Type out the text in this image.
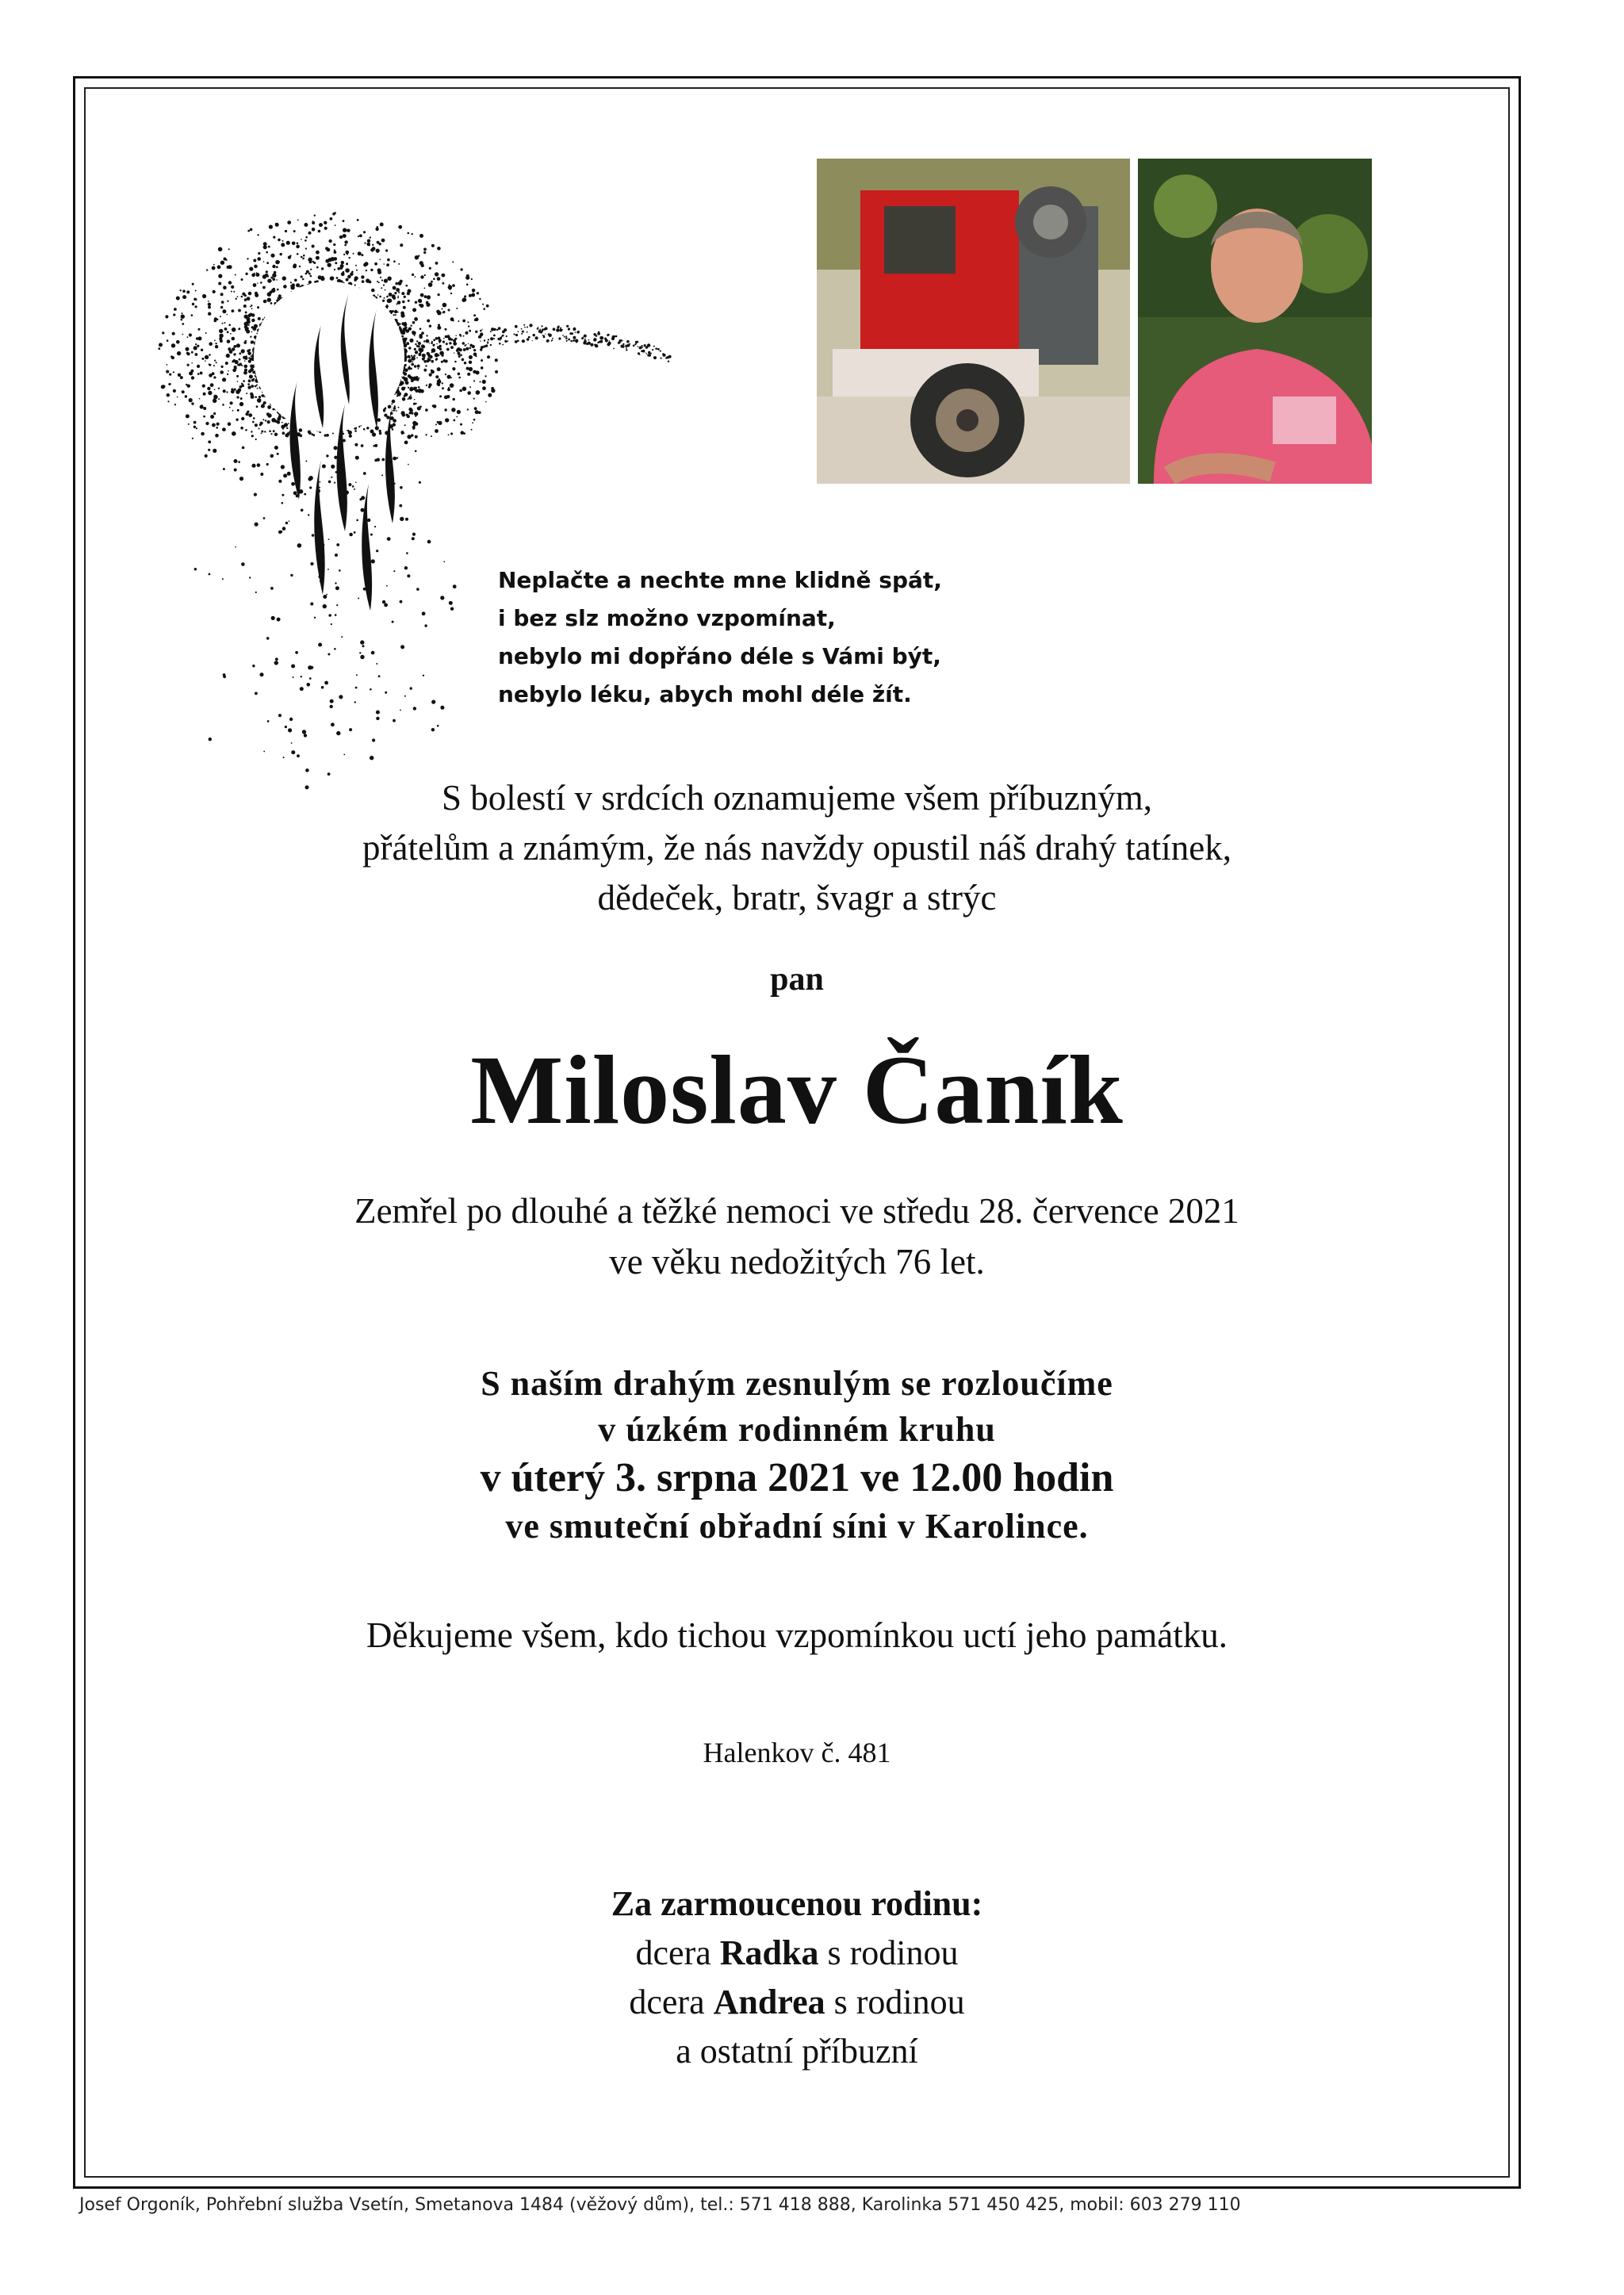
Neplačte a nechte mne klidně spát,
i bez slz možno vzpomínat,
nebylo mi dopřáno déle s Vámi být,
nebylo léku, abych mohl déle žít.
S bolestí v srdcích oznamujeme všem příbuzným,
přátelům a známým, že nás navždy opustil náš drahý tatínek,
dědeček, bratr, švagr a strýc
pan
Miloslav Čaník
Zemřel po dlouhé a těžké nemoci ve středu 28. července 2021
ve věku nedožitých 76 let.
S naším drahým zesnulým se rozloučíme
v úzkém rodinném kruhu
v úterý 3. srpna 2021 ve 12.00 hodin
ve smuteční obřadní síni v Karolince.
Děkujeme všem, kdo tichou vzpomínkou uctí jeho památku.
Halenkov č. 481
Za zarmoucenou rodinu:
dcera Radka s rodinou
dcera Andrea s rodinou
a ostatní příbuzní
Josef Orgoník, Pohřební služba Vsetín, Smetanova 1484 (věžový dům), tel.: 571 418 888, Karolinka 571 450 425, mobil: 603 279 110
